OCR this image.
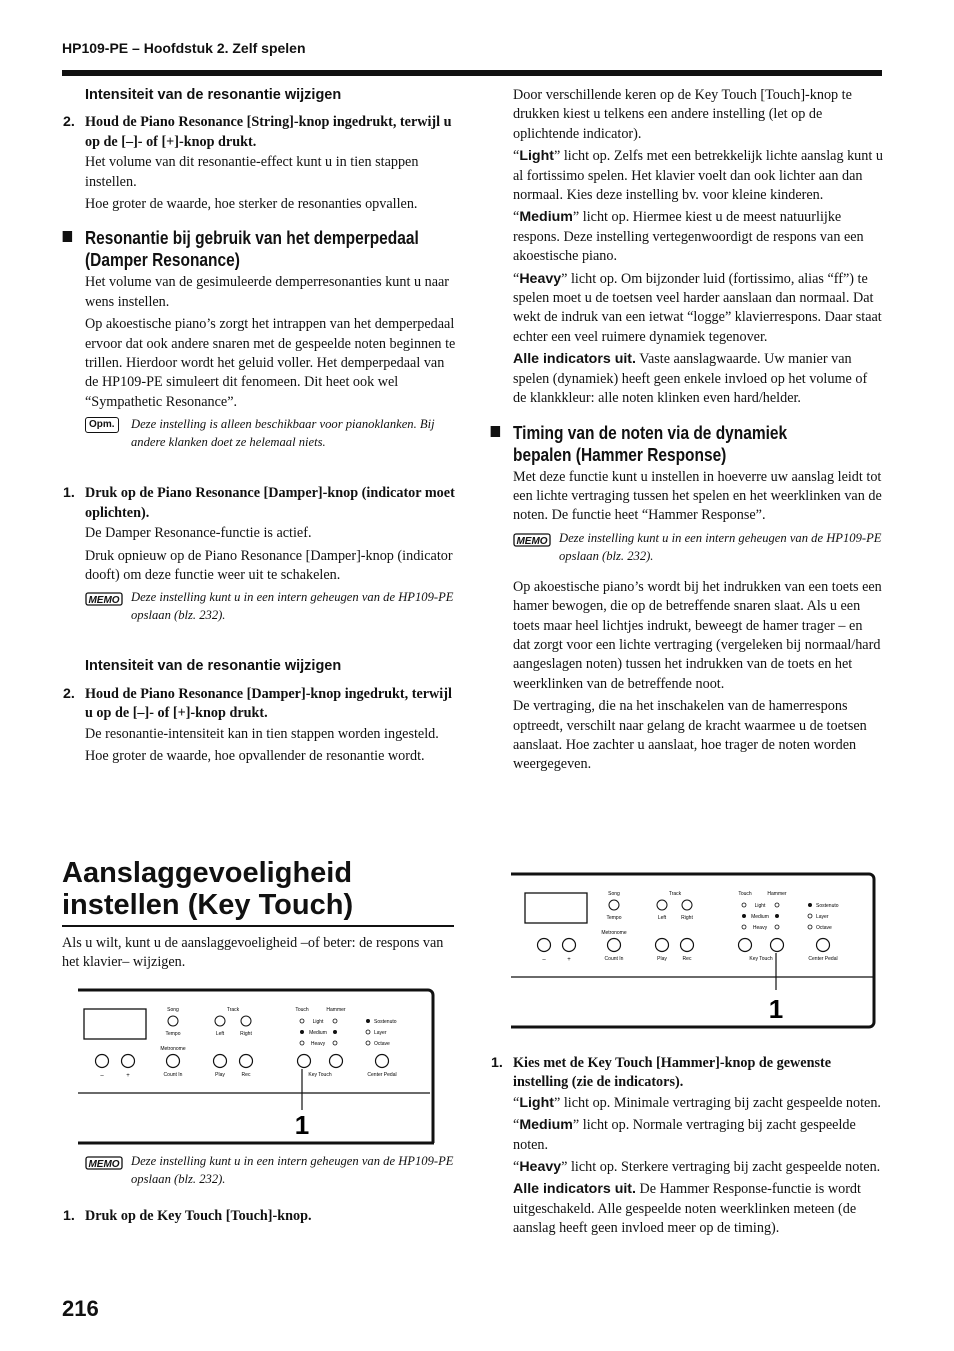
HP109-PE – Hoofdstuk 2. Zelf spelen
Intensiteit van de resonantie wijzigen
2. Houd de Piano Resonance [String]-knop ingedrukt, terwijl u op de [–]- of [+]-knop drukt.

Het volume van dit resonantie-effect kunt u in tien stappen instellen.

Hoe groter de waarde, hoe sterker de resonanties opvallen.

Resonantie bij gebruik van het demperpedaal
(Damper Resonance)

Het volume van de gesimuleerde demperresonanties kunt u naar wens instellen.

Op akoestische piano’s zorgt het intrappen van het demperpedaal ervoor dat ook andere snaren met de gespeelde noten beginnen te trillen. Hierdoor wordt het geluid voller. Het demperpedaal van de HP109-PE simuleert dit fenomeen. Dit heet ook wel “Sympathetic Resonance”.

Opm.	Deze instelling is alleen beschikbaar voor pianoklanken. Bij andere klanken doet ze helemaal niets.
1. Druk op de Piano Resonance [Damper]-knop (indicator moet oplichten).

De Damper Resonance-functie is actief.

Druk opnieuw op de Piano Resonance [Damper]-knop (indicator dooft) om deze functie weer uit te schakelen.

MEMO Deze instelling kunt u in een intern geheugen van de HP109-PE opslaan (blz. 232).
Intensiteit van de resonantie wijzigen
2. Houd de Piano Resonance [Damper]-knop ingedrukt, terwijl u op de [–]- of [+]-knop drukt.

De resonantie-intensiteit kan in tien stappen worden ingesteld.

Hoe groter de waarde, hoe opvallender de resonantie wordt.

Aanslaggevoeligheid
instellen (Key Touch)

Als u wilt, kunt u de aanslaggevoeligheid –of beter: de respons van het klavier– wijzigen.

–	+
Song
Tempo
Metronome
Count In
Track
Left	Right
Play	Rec
Touch	Hammer
Light
Medium
Heavy
Key Touch
Sostenuto
Layer
Octave
Center Pedal
1
MEMO Deze instelling kunt u in een intern geheugen van de HP109-PE opslaan (blz. 232).
1. Druk op de Key Touch [Touch]-knop.

Door verschillende keren op de Key Touch [Touch]-knop te drukken kiest u telkens een andere instelling (let op de oplichtende indicator).

“Light” licht op. Zelfs met een betrekkelijk lichte aanslag kunt u al fortissimo spelen. Het klavier voelt dan ook lichter aan dan normaal. Kies deze instelling bv. voor kleine kinderen.

“Medium” licht op. Hiermee kiest u de meest natuurlijke respons. Deze instelling vertegenwoordigt de respons van een akoestische piano.

“Heavy” licht op. Om bijzonder luid (fortissimo, alias “ff”) te spelen moet u de toetsen veel harder aanslaan dan normaal. Dat wekt de indruk van een ietwat “logge” klavierrespons. Daar staat echter een veel ruimere dynamiek tegenover.

Alle indicators uit. Vaste aanslagwaarde. Uw manier van spelen (dynamiek) heeft geen enkele invloed op het volume of de klankkleur: alle noten klinken even hard/helder.

Timing van de noten via de dynamiek
bepalen (Hammer Response)

Met deze functie kunt u instellen in hoeverre uw aanslag leidt tot een lichte vertraging tussen het spelen en het weerklinken van de noten. De functie heet “Hammer Response”.

MEMO Deze instelling kunt u in een intern geheugen van de HP109-PE opslaan (blz. 232).

Op akoestische piano’s wordt bij het indrukken van een toets een hamer bewogen, die op de betreffende snaren slaat. Als u een toets maar heel lichtjes indrukt, beweegt de hamer trager – en dat zorgt voor een lichte vertraging (vergeleken bij normaal/hard aangeslagen noten) tussen het indrukken van de toets en het weerklinken van de betreffende noot.

De vertraging, die na het inschakelen van de hamerrespons optreedt, verschilt naar gelang de kracht waarmee u de toetsen aanslaat. Hoe zachter u aanslaat, hoe trager de noten worden weergegeven.

–	+
Song
Tempo
Metronome
Count In
Track
Left	Right
Play	Rec
Touch	Hammer
Light
Medium
Heavy
Key Touch
Sostenuto
Layer
Octave
Center Pedal
1
1. Kies met de Key Touch [Hammer]-knop de gewenste instelling (zie de indicators).

“Light” licht op. Minimale vertraging bij zacht gespeelde noten.

“Medium” licht op. Normale vertraging bij zacht gespeelde noten.

“Heavy” licht op. Sterkere vertraging bij zacht gespeelde noten.

Alle indicators uit. De Hammer Response-functie is wordt uitgeschakeld. Alle gespeelde noten weerklinken meteen (de aanslag heeft geen invloed meer op de timing).

216
